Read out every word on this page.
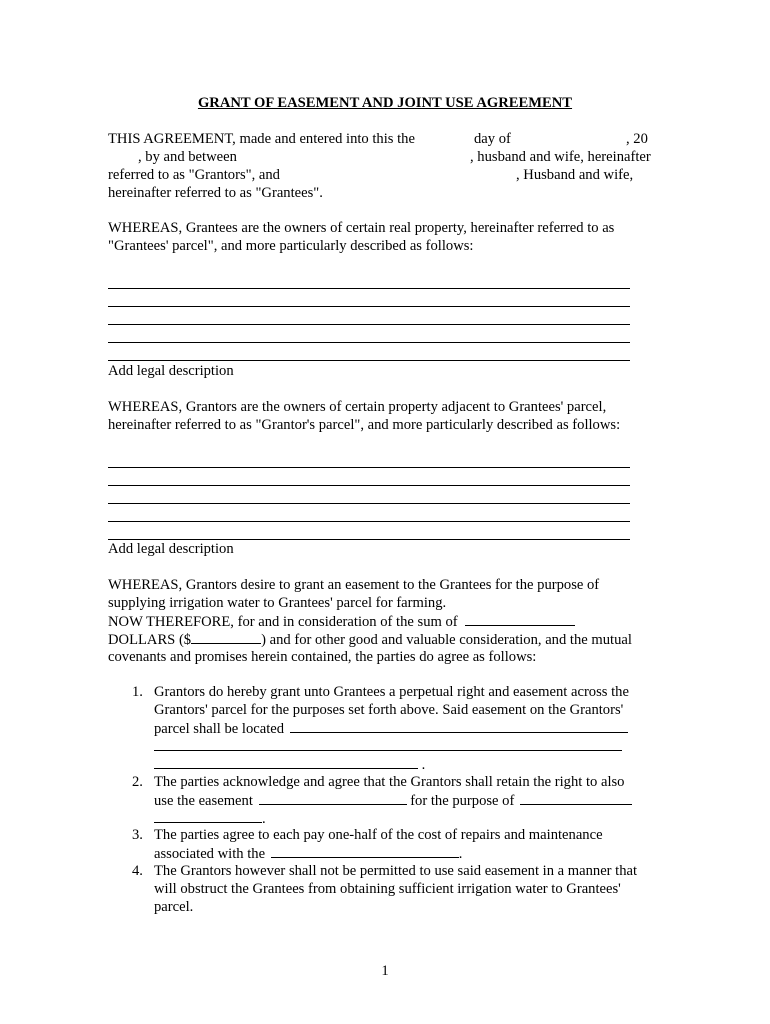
GRANT OF EASEMENT AND JOINT USE AGREEMENT
THIS AGREEMENT, made and entered into this the	day of	, 20
, by and between	, husband and wife, hereinafter
referred to as "Grantors", and	, Husband and wife,
hereinafter referred to as "Grantees".
WHEREAS, Grantees are the owners of certain real property, hereinafter referred to as
"Grantees' parcel", and more particularly described as follows:
Add legal description
WHEREAS, Grantors are the owners of certain property adjacent to Grantees' parcel,
hereinafter referred to as "Grantor's parcel", and more particularly described as follows:
Add legal description
WHEREAS, Grantors desire to grant an easement to the Grantees for the purpose of
supplying irrigation water to Grantees' parcel for farming.
NOW THEREFORE, for and in consideration of the sum of
DOLLARS ($	) and for other good and valuable consideration, and the mutual
covenants and promises herein contained, the parties do agree as follows:
1. Grantors do hereby grant unto Grantees a perpetual right and easement across the
Grantors' parcel for the purposes set forth above. Said easement on the Grantors'
parcel shall be located
.
2. The parties acknowledge and agree that the Grantors shall retain the right to also
use the easement	for the purpose of
.
3. The parties agree to each pay one-half of the cost of repairs and maintenance
associated with the	.
4. The Grantors however shall not be permitted to use said easement in a manner that
will obstruct the Grantees from obtaining sufficient irrigation water to Grantees'
parcel.
1
